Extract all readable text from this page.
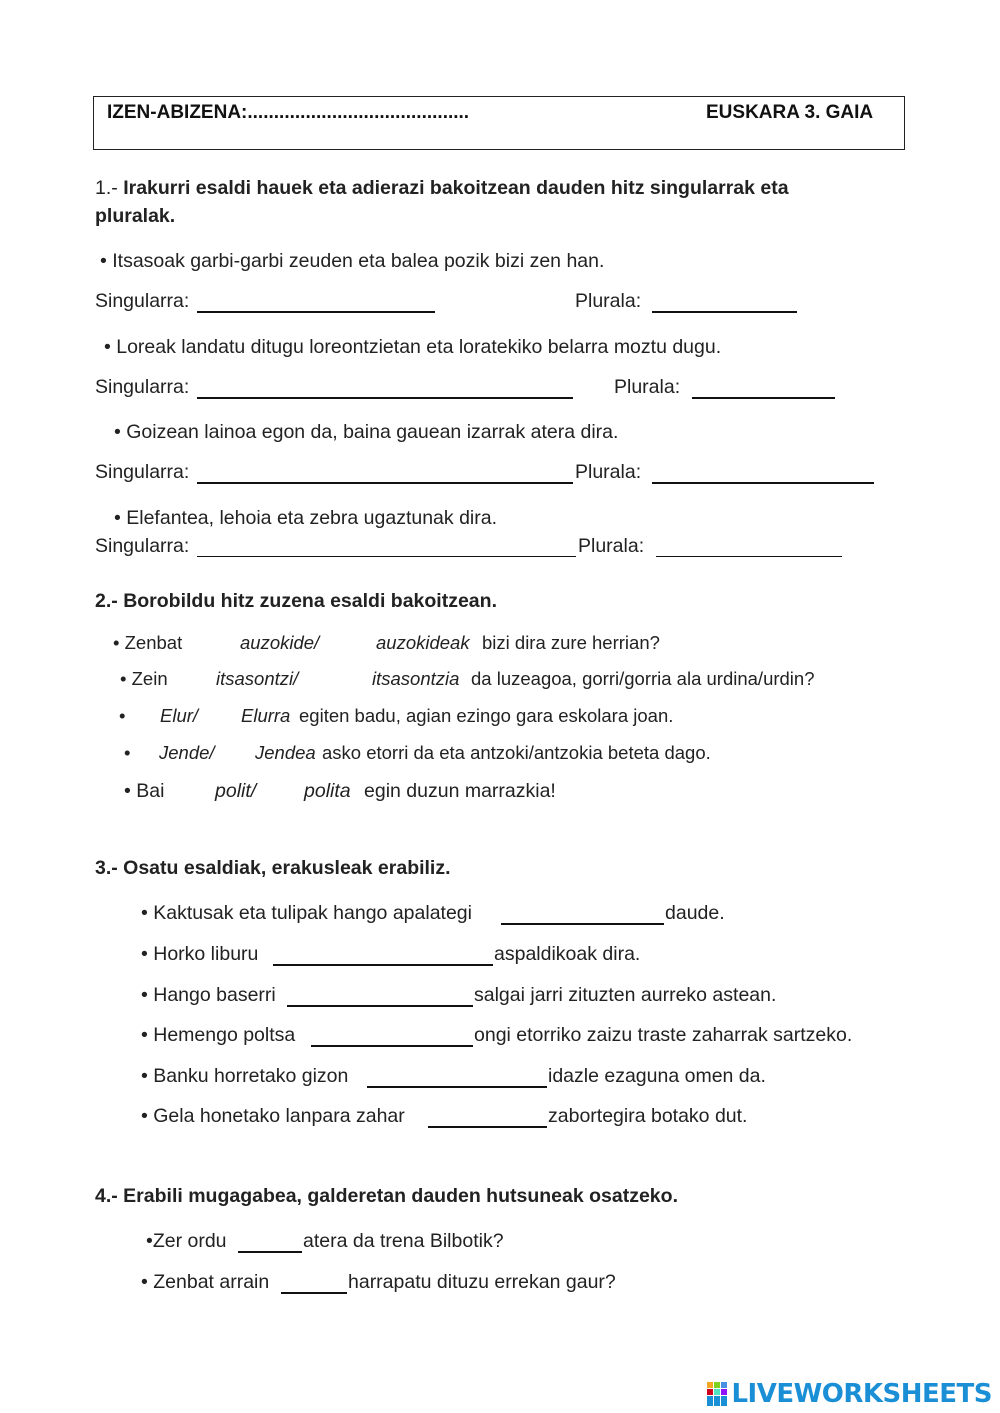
IZEN-ABIZENA:..........................................	EUSKARA 3. GAIA
1.- Irakurri esaldi hauek eta adierazi bakoitzean dauden hitz singularrak eta
pluralak.
• Itsasoak garbi-garbi zeuden eta balea pozik bizi zen han.
Singularra:	Plurala:
• Loreak landatu ditugu loreontzietan eta loratekiko belarra moztu dugu.
Singularra:	Plurala:
• Goizean lainoa egon da, baina gauean izarrak atera dira.
Singularra:	Plurala:
• Elefantea, lehoia eta zebra ugaztunak dira.
Singularra:	Plurala:
2.- Borobildu hitz zuzena esaldi bakoitzean.
• Zenbat	auzokide/	auzokideak bizi dira zure herrian?
• Zein	itsasontzi/	itsasontzia da luzeagoa, gorri/gorria ala urdina/urdin?
• Elur/ Elurra egiten badu, agian ezingo gara eskolara joan.
• Jende/ Jendea asko etorri da eta antzoki/antzokia beteta dago.
• Bai	polit/ polita egin duzun marrazkia!
3.- Osatu esaldiak, erakusleak erabiliz.
• Kaktusak eta tulipak hango apalategi	daude.
• Horko liburu	aspaldikoak dira.
• Hango baserri	salgai jarri zituzten aurreko astean.
• Hemengo poltsa	ongi etorriko zaizu traste zaharrak sartzeko.
• Banku horretako gizon	idazle ezaguna omen da.
• Gela honetako lanpara zahar	zabortegira botako dut.
4.- Erabili mugagabea, galderetan dauden hutsuneak osatzeko.
•Zer ordu	atera da trena Bilbotik?
• Zenbat arrain	harrapatu dituzu errekan gaur?
LIVEWORKSHEETS
